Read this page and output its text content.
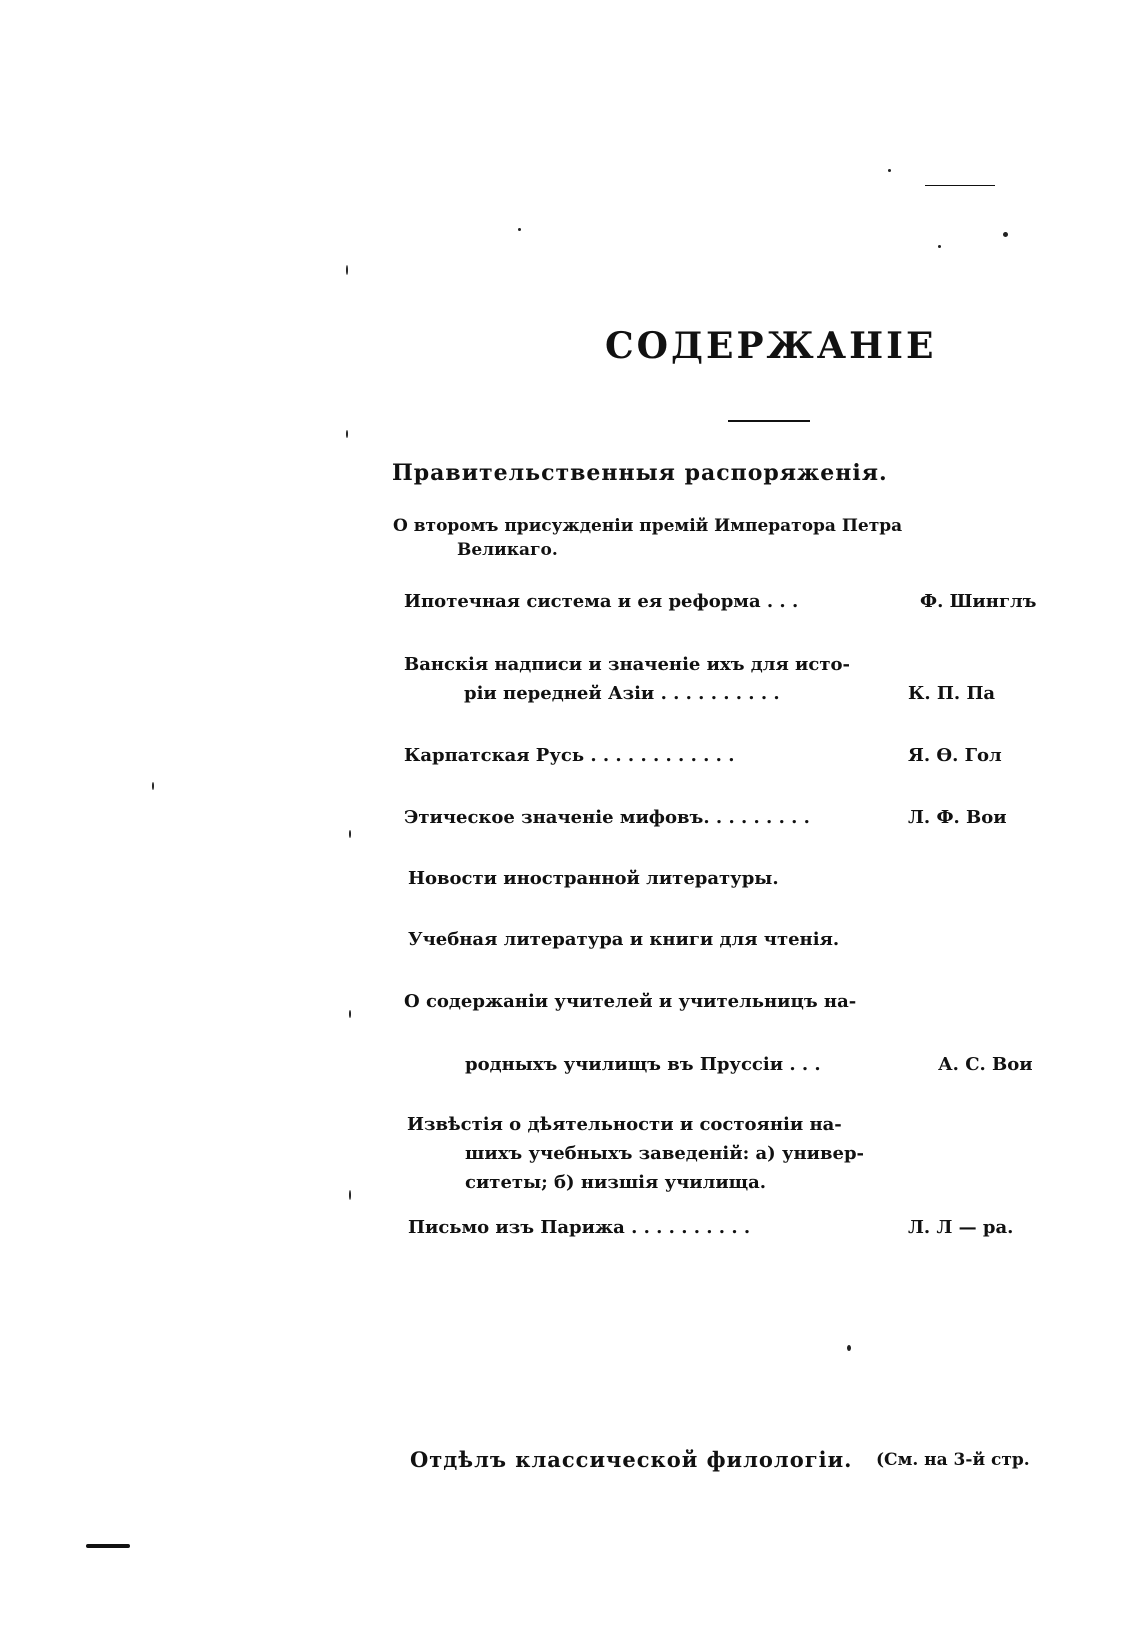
СОДЕРЖАНІЕ
Правительственныя распоряженія.
О второмъ присужденіи премій Императора Петра
Великаго.
Ипотечная система и ея реформа . . .	Ф. Шинглъ
Ванскія надписи и значеніе ихъ для исто-
ріи передней Азіи . . . . . . . . . .	К. П. Па
Карпатская Русь . . . . . . . . . . . .	Я. Ѳ. Гол
Этическое значеніе мифовъ. . . . . . . . .	Л. Ф. Вои
Новости иностранной литературы.
Учебная литература и книги для чтенія.
О содержаніи учителей и учительницъ на-
родныхъ училищъ въ Пруссіи . . .	А. С. Вои
Извѣстія о дѣятельности и состояніи на-
шихъ учебныхъ заведеній: а) универ-
ситеты; б) низшія училища.
Письмо изъ Парижа . . . . . . . . . .	Л. Л — ра.
Отдѣлъ классической филологіи. (См. на 3-й стр.
